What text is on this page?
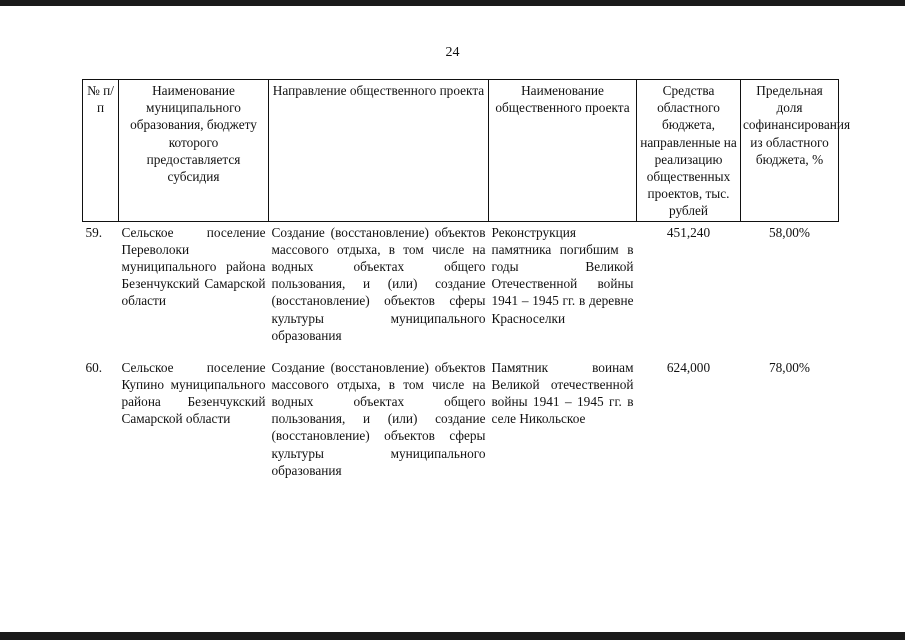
24
№ п/п	Наименование муниципального образования, бюджету которого предоставляется субсидия	Направление общественного проекта	Наименование общественного проекта	Средства областного бюджета, направленные на реализацию общественных проектов, тыс. рублей	Предельная доля софинансирования из областного бюджета, %
59.	Сельское поселение Переволоки муниципального района Безенчукский Самарской области	Создание (восстановление) объектов массового отдыха, в том числе на водных объектах общего пользования, и (или) создание (восстановление) объектов сферы культуры муниципального образования	Реконструкция памятника погибшим в годы Великой Отечественной войны 1941 – 1945 гг. в деревне Красноселки	451,240	58,00%
60.	Сельское поселение Купино муниципального района Безенчукский Самарской области	Создание (восстановление) объектов массового отдыха, в том числе на водных объектах общего пользования, и (или) создание (восстановление) объектов сферы культуры муниципального образования	Памятник воинам Великой отечественной войны 1941 – 1945 гг. в селе Никольское	624,000	78,00%
